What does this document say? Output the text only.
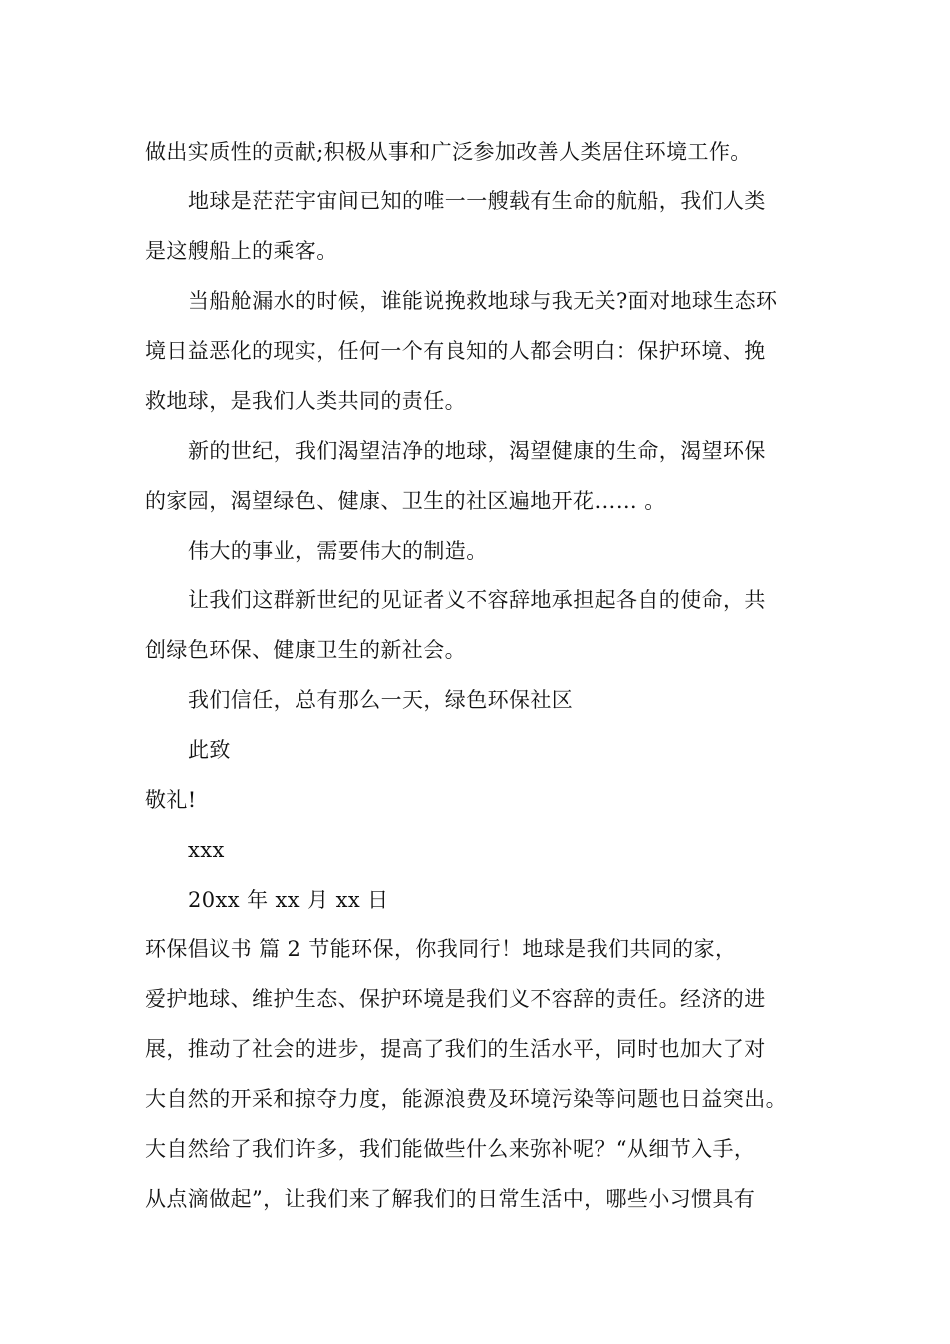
做出实质性的贡献;积极从事和广泛参加改善人类居住环境工作。
地球是茫茫宇宙间已知的唯一一艘载有生命的航船，我们人类
是这艘船上的乘客。
当船舱漏水的时候，谁能说挽救地球与我无关?面对地球生态环
境日益恶化的现实，任何一个有良知的人都会明白：保护环境、挽
救地球，是我们人类共同的责任。
新的世纪，我们渴望洁净的地球，渴望健康的生命，渴望环保
的家园，渴望绿色、健康、卫生的社区遍地开花…… 。
伟大的事业，需要伟大的制造。
让我们这群新世纪的见证者义不容辞地承担起各自的使命，共
创绿色环保、健康卫生的新社会。
我们信任，总有那么一天，绿色环保社区
此致
敬礼!
xxx
20xx 年 xx 月 xx 日
环保倡议书 篇 2 节能环保，你我同行！地球是我们共同的家，
爱护地球、维护生态、保护环境是我们义不容辞的责任。经济的进
展，推动了社会的进步，提高了我们的生活水平，同时也加大了对
大自然的开采和掠夺力度，能源浪费及环境污染等问题也日益突出。
大自然给了我们许多，我们能做些什么来弥补呢？“从细节入手，
从点滴做起”，让我们来了解我们的日常生活中，哪些小习惯具有
